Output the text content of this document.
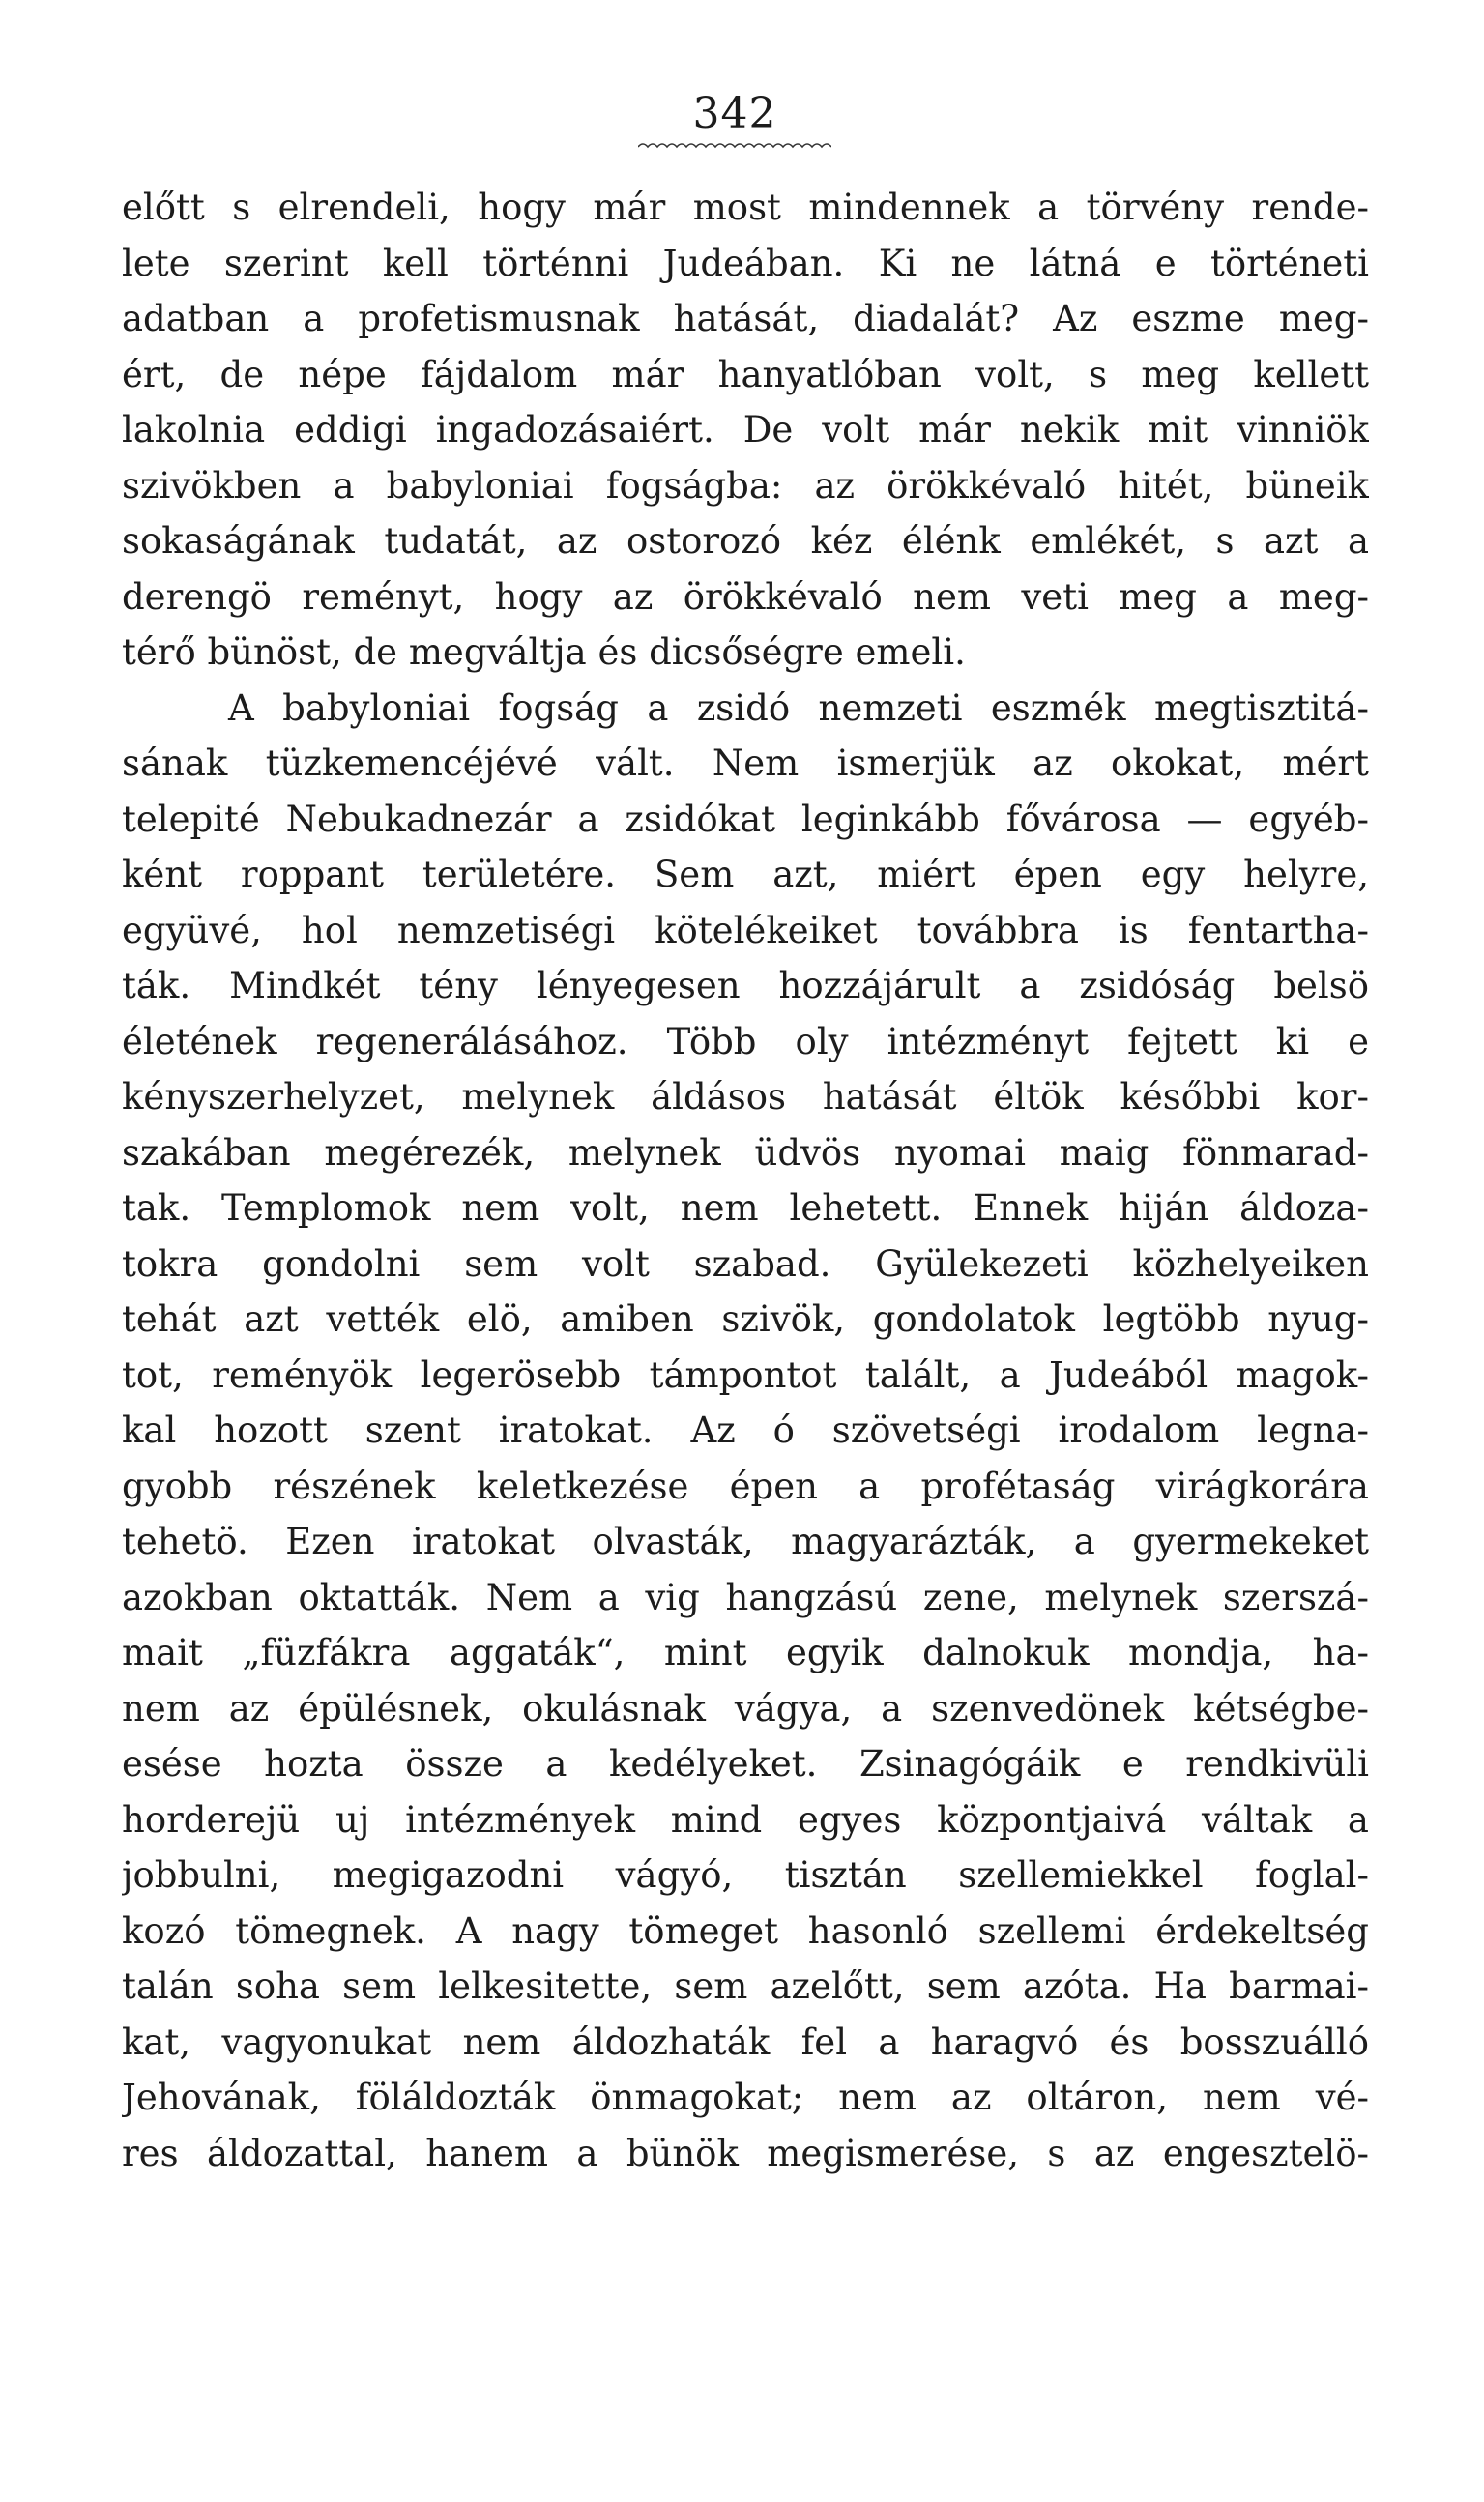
342
előtt s elrendeli, hogy már most mindennek a törvény rende-
lete szerint kell történni Judeában. Ki ne látná e történeti
adatban a profetismusnak hatását, diadalát? Az eszme meg-
ért, de népe fájdalom már hanyatlóban volt, s meg kellett
lakolnia eddigi ingadozásaiért. De volt már nekik mit vinniök
szivökben a babyloniai fogságba: az örökkévaló hitét, büneik
sokaságának tudatát, az ostorozó kéz élénk emlékét, s azt a
derengö reményt, hogy az örökkévaló nem veti meg a meg-
térő bünöst, de megváltja és dicsőségre emeli.
A babyloniai fogság a zsidó nemzeti eszmék megtisztitá-
sának tüzkemencéjévé vált. Nem ismerjük az okokat, mért
telepité Nebukadnezár a zsidókat leginkább fővárosa — egyéb-
ként roppant területére. Sem azt, miért épen egy helyre,
együvé, hol nemzetiségi kötelékeiket továbbra is fentartha-
ták. Mindkét tény lényegesen hozzájárult a zsidóság belsö
életének regenerálásához. Több oly intézményt fejtett ki e
kényszerhelyzet, melynek áldásos hatását éltök későbbi kor-
szakában megérezék, melynek üdvös nyomai maig fönmarad-
tak. Templomok nem volt, nem lehetett. Ennek hiján áldoza-
tokra gondolni sem volt szabad. Gyülekezeti közhelyeiken
tehát azt vették elö, amiben szivök, gondolatok legtöbb nyug-
tot, reményök legerösebb támpontot talált, a Judeából magok-
kal hozott szent iratokat. Az ó szövetségi irodalom legna-
gyobb részének keletkezése épen a profétaság virágkorára
tehetö. Ezen iratokat olvasták, magyarázták, a gyermekeket
azokban oktatták. Nem a vig hangzású zene, melynek szerszá-
mait „füzfákra aggaták“, mint egyik dalnokuk mondja, ha-
nem az épülésnek, okulásnak vágya, a szenvedönek kétségbe-
esése hozta össze a kedélyeket. Zsinagógáik e rendkivüli
horderejü uj intézmények mind egyes központjaivá váltak a
jobbulni, megigazodni vágyó, tisztán szellemiekkel foglal-
kozó tömegnek. A nagy tömeget hasonló szellemi érdekeltség
talán soha sem lelkesitette, sem azelőtt, sem azóta. Ha barmai-
kat, vagyonukat nem áldozhaták fel a haragvó és bosszuálló
Jehovának, föláldozták önmagokat; nem az oltáron, nem vé-
res áldozattal, hanem a bünök megismerése, s az engesztelö-
